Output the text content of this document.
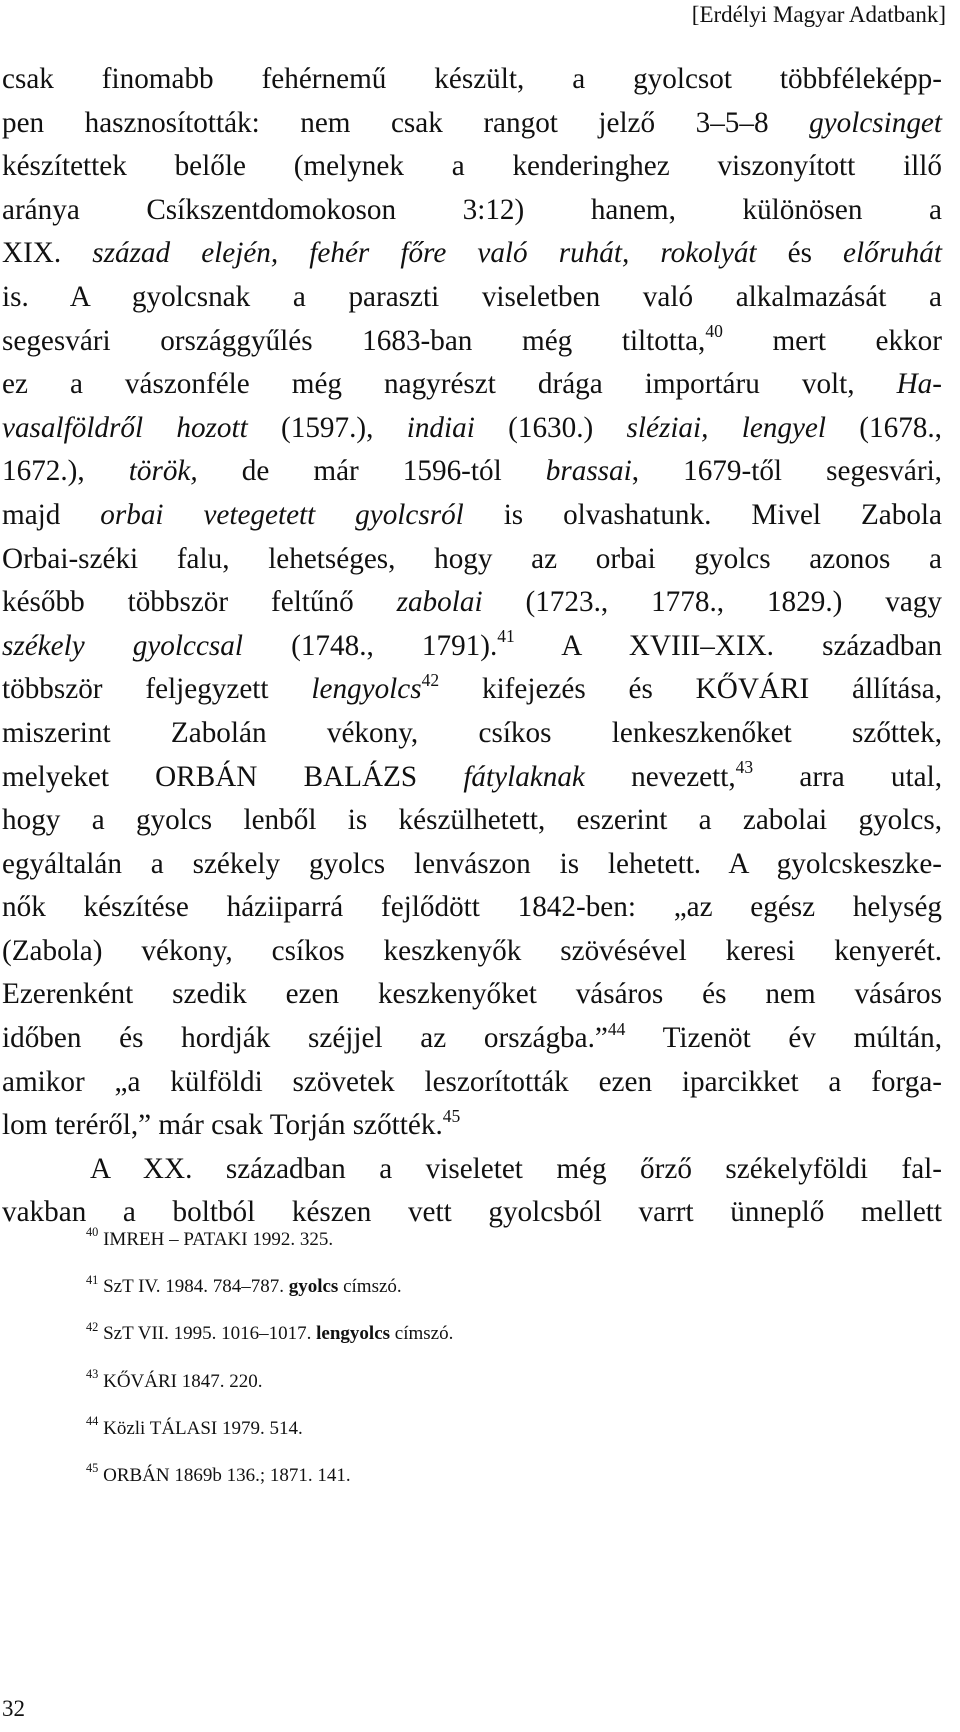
[Erdélyi Magyar Adatbank]
csak finomabb fehérnemű készült, a gyolcsot többféleképp-
pen hasznosították: nem csak rangot jelző 3–5–8 gyolcsinget
készítettek belőle (melynek a kenderinghez viszonyított illő
aránya Csíkszentdomokoson 3:12) hanem, különösen a
XIX. század elején, fehér főre való ruhát, rokolyát és előruhát
is. A gyolcsnak a paraszti viseletben való alkalmazását a
segesvári országgyűlés 1683-ban még tiltotta,$^{40}$ mert ekkor
ez a vászonféle még nagyrészt drága importáru volt, Ha-
vasalföldről hozott (1597.), indiai (1630.) sléziai, lengyel (1678.,
1672.), török, de már 1596-tól brassai, 1679-től segesvári,
majd orbai vetegetett gyolcsról is olvashatunk. Mivel Zabola
Orbai-széki falu, lehetséges, hogy az orbai gyolcs azonos a
később többször feltűnő zabolai (1723., 1778., 1829.) vagy
székely gyolccsal (1748., 1791).$^{41}$ A XVIII–XIX. században
többször feljegyzett lengyolcs$^{42}$ kifejezés és KŐVÁRI állítása,
miszerint Zabolán vékony, csíkos lenkeszkenőket szőttek,
melyeket ORBÁN BALÁZS fátylaknak nevezett,$^{43}$ arra utal,
hogy a gyolcs lenből is készülhetett, eszerint a zabolai gyolcs,
egyáltalán a székely gyolcs lenvászon is lehetett. A gyolcskeszke-
nők készítése háziiparrá fejlődött 1842-ben: „az egész helység
(Zabola) vékony, csíkos keszkenyők szövésével keresi kenyerét.
Ezerenként szedik ezen keszkenyőket vásáros és nem vásáros
időben és hordják széjjel az országba.”$^{44}$ Tizenöt év múltán,
amikor „a külföldi szövetek leszorították ezen iparcikket a forga-
lom teréről,” már csak Torján szőtték.$^{45}$
A XX. században a viseletet még őrző székelyföldi fal-
vakban a boltból készen vett gyolcsból varrt ünneplő mellett
$^{40}$ IMREH – PATAKI 1992. 325.
$^{41}$ SzT IV. 1984. 784–787. gyolcs címszó.
$^{42}$ SzT VII. 1995. 1016–1017. lengyolcs címszó.
$^{43}$ KŐVÁRI 1847. 220.
$^{44}$ Közli TÁLASI 1979. 514.
$^{45}$ ORBÁN 1869b 136.; 1871. 141.
32
